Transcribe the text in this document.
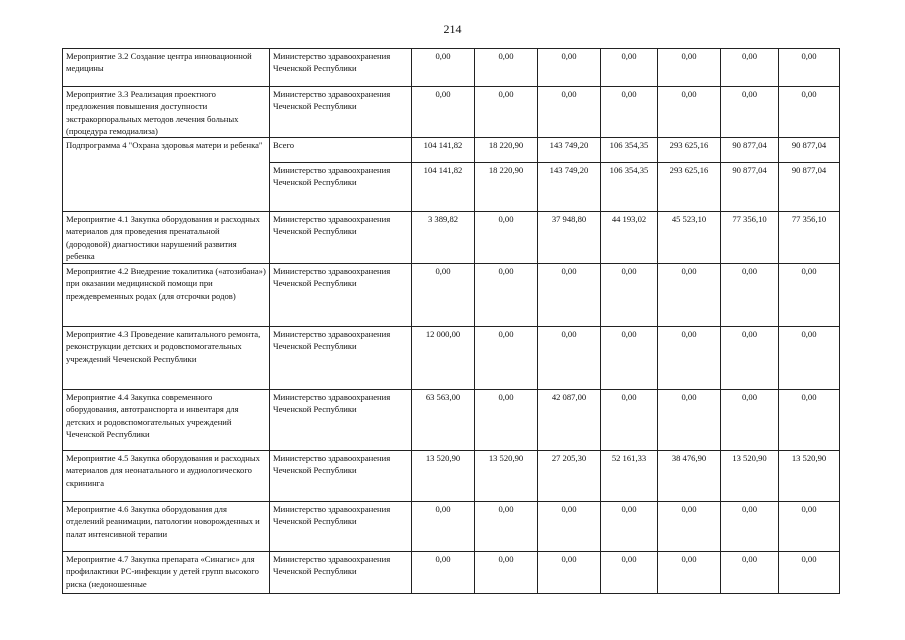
214
Мероприятие 3.2 Создание центра инновационной медицины	Министерство здравоохранения Чеченской Республики	0,00	0,00	0,00	0,00	0,00	0,00	0,00
Мероприятие 3.3 Реализация проектного предложения повышения доступности экстракорпоральных методов лечения больных (процедура гемодиализа)	Министерство здравоохранения Чеченской Республики	0,00	0,00	0,00	0,00	0,00	0,00	0,00
Подпрограмма 4 "Охрана здоровья матери и ребенка"	Всего	104 141,82	18 220,90	143 749,20	106 354,35	293 625,16	90 877,04	90 877,04
	Министерство здравоохранения Чеченской Республики	104 141,82	18 220,90	143 749,20	106 354,35	293 625,16	90 877,04	90 877,04
Мероприятие 4.1 Закупка оборудования и расходных материалов для проведения пренатальной (дородовой) диагностики нарушений развития ребенка	Министерство здравоохранения Чеченской Республики	3 389,82	0,00	37 948,80	44 193,02	45 523,10	77 356,10	77 356,10
Мероприятие 4.2 Внедрение токалитика («атозибана») при оказании медицинской помощи при преждевременных родах (для отсрочки родов)	Министерство здравоохранения Чеченской Республики	0,00	0,00	0,00	0,00	0,00	0,00	0,00
Мероприятие 4.3 Проведение капитального ремонта, реконструкции детских и родовспомогательных учреждений Чеченской Республики	Министерство здравоохранения Чеченской Республики	12 000,00	0,00	0,00	0,00	0,00	0,00	0,00
Мероприятие 4.4 Закупка современного оборудования, автотранспорта и инвентаря для детских и родовспомогательных учреждений Чеченской Республики	Министерство здравоохранения Чеченской Республики	63 563,00	0,00	42 087,00	0,00	0,00	0,00	0,00
Мероприятие 4.5 Закупка оборудования и расходных материалов для неонатального и аудиологического скрининга	Министерство здравоохранения Чеченской Республики	13 520,90	13 520,90	27 205,30	52 161,33	38 476,90	13 520,90	13 520,90
Мероприятие 4.6 Закупка оборудования для отделений реанимации, патологии новорожденных и палат интенсивной терапии	Министерство здравоохранения Чеченской Республики	0,00	0,00	0,00	0,00	0,00	0,00	0,00
Мероприятие 4.7 Закупка препарата «Синагис» для профилактики РС-инфекции у детей групп высокого риска (недоношенные	Министерство здравоохранения Чеченской Республики	0,00	0,00	0,00	0,00	0,00	0,00	0,00
